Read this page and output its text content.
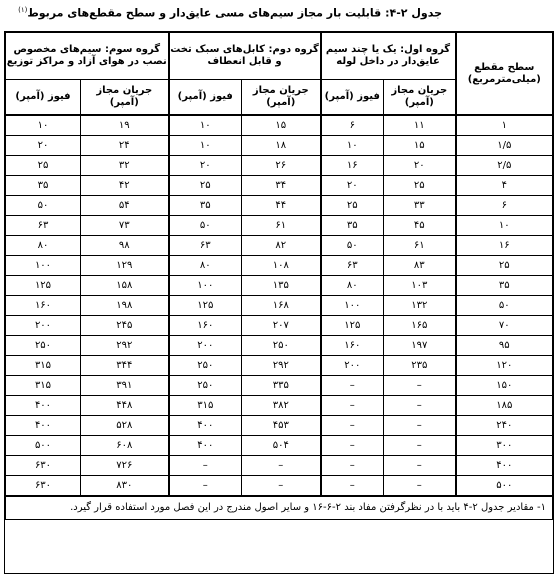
جدول ۲-۴: قابلیت بار مجاز سیم‌های مسی عایق‌دار و سطح مقطع‌های مربوط$^{(۱)}$
سطح مقطع (میلی‌مترمربع)	گروه اول: یک یا چند سیم عایق‌دار در داخل لوله		گروه دوم: کابل‌های سبک تخت و قابل انعطاف		گروه سوم: سیم‌های مخصوص نصب در هوای آزاد و مراکز توزیع	
	جریان مجاز (آمپر)	فیوز (آمپر)	جریان مجاز (آمپر)	فیوز (آمپر)	جریان مجاز (آمپر)	فیوز (آمپر)
۱	۱۱	۶	۱۵	۱۰	۱۹	۱۰
۱/۵	۱۵	۱۰	۱۸	۱۰	۲۴	۲۰
۲/۵	۲۰	۱۶	۲۶	۲۰	۳۲	۲۵
۴	۲۵	۲۰	۳۴	۲۵	۴۲	۳۵
۶	۳۳	۲۵	۴۴	۳۵	۵۴	۵۰
۱۰	۴۵	۳۵	۶۱	۵۰	۷۳	۶۳
۱۶	۶۱	۵۰	۸۲	۶۳	۹۸	۸۰
۲۵	۸۳	۶۳	۱۰۸	۸۰	۱۲۹	۱۰۰
۳۵	۱۰۳	۸۰	۱۳۵	۱۰۰	۱۵۸	۱۲۵
۵۰	۱۳۲	۱۰۰	۱۶۸	۱۲۵	۱۹۸	۱۶۰
۷۰	۱۶۵	۱۲۵	۲۰۷	۱۶۰	۲۴۵	۲۰۰
۹۵	۱۹۷	۱۶۰	۲۵۰	۲۰۰	۲۹۲	۲۵۰
۱۲۰	۲۳۵	۲۰۰	۲۹۲	۲۵۰	۳۴۴	۳۱۵
۱۵۰	–	–	۳۳۵	۲۵۰	۳۹۱	۳۱۵
۱۸۵	–	–	۳۸۲	۳۱۵	۴۴۸	۴۰۰
۲۴۰	–	–	۴۵۳	۴۰۰	۵۲۸	۴۰۰
۳۰۰	–	–	۵۰۴	۴۰۰	۶۰۸	۵۰۰
۴۰۰	–	–	–	–	۷۲۶	۶۳۰
۵۰۰	–	–	–	–	۸۳۰	۶۳۰
۱- مقادیر جدول ۲-۴ باید با در نظرگرفتن مفاد بند ۲-۶-۱۶ و سایر اصول مندرج در این فصل مورد استفاده قرار گیرد.						
